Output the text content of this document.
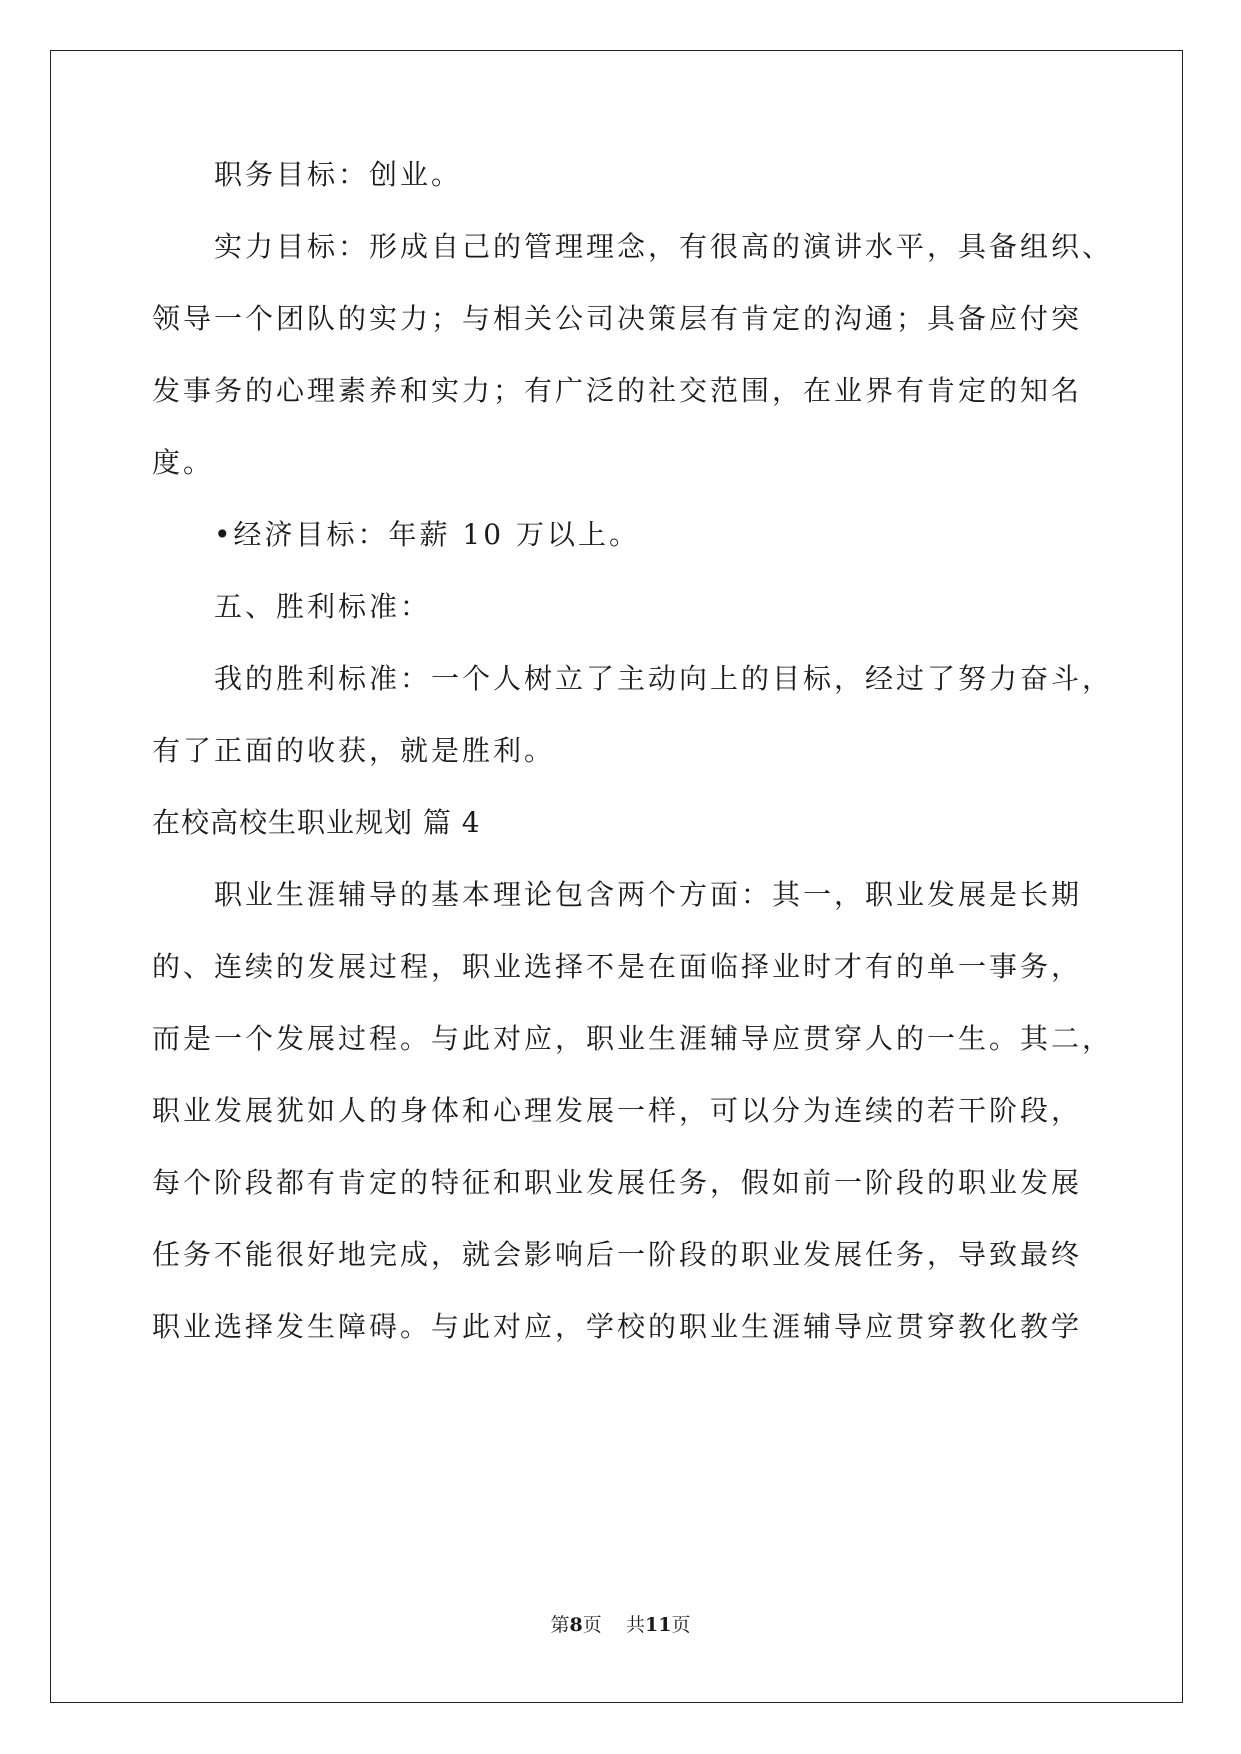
职务目标：创业。

实力目标：形成自己的管理理念，有很高的演讲水平，具备组织、

领导一个团队的实力；与相关公司决策层有肯定的沟通；具备应付突

发事务的心理素养和实力；有广泛的社交范围，在业界有肯定的知名

度。

•经济目标：年薪 10 万以上。

五、胜利标准：

我的胜利标准：一个人树立了主动向上的目标，经过了努力奋斗，

有了正面的收获，就是胜利。

在校高校生职业规划 篇 4

职业生涯辅导的基本理论包含两个方面：其一，职业发展是长期

的、连续的发展过程，职业选择不是在面临择业时才有的单一事务，

而是一个发展过程。与此对应，职业生涯辅导应贯穿人的一生。其二，

职业发展犹如人的身体和心理发展一样，可以分为连续的若干阶段，

每个阶段都有肯定的特征和职业发展任务，假如前一阶段的职业发展

任务不能很好地完成，就会影响后一阶段的职业发展任务，导致最终

职业选择发生障碍。与此对应，学校的职业生涯辅导应贯穿教化教学

第8页 共11页
